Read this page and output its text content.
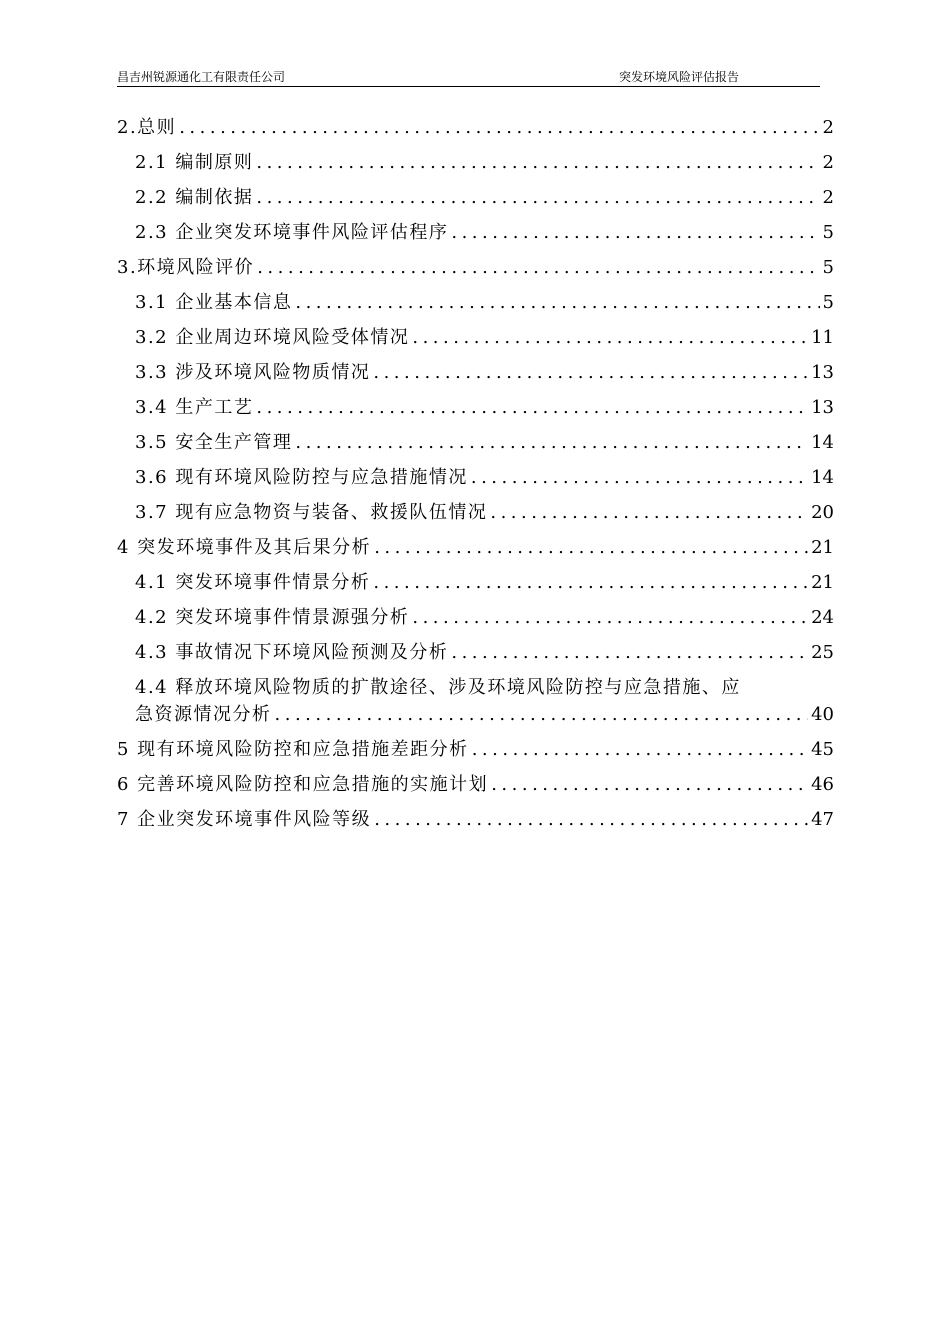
昌吉州锐源通化工有限责任公司	突发环境风险评估报告
2.总则 .....	2
2.1 编制原则 .....	2
2.2 编制依据 .....	2
2.3 企业突发环境事件风险评估程序 .....	5
3.环境风险评价 .....	5
3.1 企业基本信息 .....	5
3.2 企业周边环境风险受体情况 .....	11
3.3 涉及环境风险物质情况 .....	13
3.4 生产工艺 .....	13
3.5 安全生产管理 .....	14
3.6 现有环境风险防控与应急措施情况 .....	14
3.7 现有应急物资与装备、救援队伍情况 .....	20
4 突发环境事件及其后果分析 .....	21
4.1 突发环境事件情景分析 .....	21
4.2 突发环境事件情景源强分析 .....	24
4.3 事故情况下环境风险预测及分析 .....	25
4.4 释放环境风险物质的扩散途径、涉及环境风险防控与应急措施、应
急资源情况分析 .....	40
5 现有环境风险防控和应急措施差距分析 .....	45
6 完善环境风险防控和应急措施的实施计划 .....	46
7 企业突发环境事件风险等级 .....	47
